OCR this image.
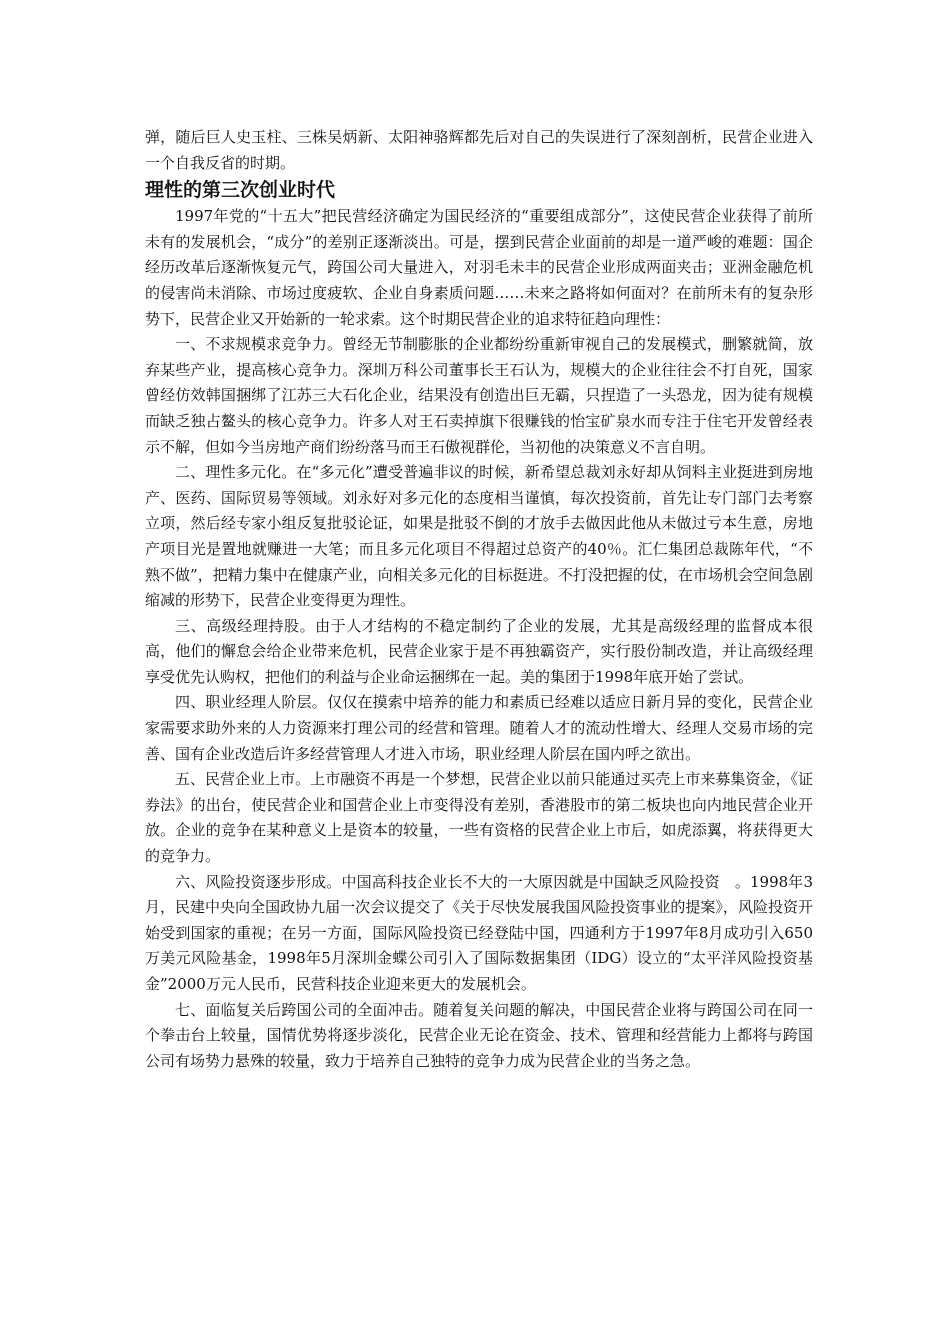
弹，随后巨人史玉柱、三株吴炳新、太阳神骆辉都先后对自己的失误进行了深刻剖析，民营企业进入一个自我反省的时期。

理性的第三次创业时代

1997年党的“十五大”把民营经济确定为国民经济的“重要组成部分”，这使民营企业获得了前所未有的发展机会，“成分”的差别正逐渐淡出。可是，摆到民营企业面前的却是一道严峻的难题：国企经历改革后逐渐恢复元气，跨国公司大量进入，对羽毛未丰的民营企业形成两面夹击；亚洲金融危机的侵害尚未消除、市场过度疲软、企业自身素质问题……未来之路将如何面对？在前所未有的复杂形势下，民营企业又开始新的一轮求索。这个时期民营企业的追求特征趋向理性：

一、不求规模求竞争力。曾经无节制膨胀的企业都纷纷重新审视自己的发展模式，删繁就简，放弃某些产业，提高核心竞争力。深圳万科公司董事长王石认为，规模大的企业往往会不打自死，国家曾经仿效韩国捆绑了江苏三大石化企业，结果没有创造出巨无霸，只捏造了一头恐龙，因为徒有规模而缺乏独占鳌头的核心竞争力。许多人对王石卖掉旗下很赚钱的怡宝矿泉水而专注于住宅开发曾经表示不解，但如今当房地产商们纷纷落马而王石傲视群伦，当初他的决策意义不言自明。

二、理性多元化。在“多元化”遭受普遍非议的时候，新希望总裁刘永好却从饲料主业挺进到房地产、医药、国际贸易等领域。刘永好对多元化的态度相当谨慎，每次投资前，首先让专门部门去考察立项，然后经专家小组反复批驳论证，如果是批驳不倒的才放手去做因此他从未做过亏本生意，房地产项目光是置地就赚进一大笔；而且多元化项目不得超过总资产的40％。汇仁集团总裁陈年代，“不熟不做”，把精力集中在健康产业，向相关多元化的目标挺进。不打没把握的仗，在市场机会空间急剧缩减的形势下，民营企业变得更为理性。

三、高级经理持股。由于人才结构的不稳定制约了企业的发展，尤其是高级经理的监督成本很高，他们的懈怠会给企业带来危机，民营企业家于是不再独霸资产，实行股份制改造，并让高级经理享受优先认购权，把他们的利益与企业命运捆绑在一起。美的集团于1998年底开始了尝试。

四、职业经理人阶层。仅仅在摸索中培养的能力和素质已经难以适应日新月异的变化，民营企业家需要求助外来的人力资源来打理公司的经营和管理。随着人才的流动性增大、经理人交易市场的完善、国有企业改造后许多经营管理人才进入市场，职业经理人阶层在国内呼之欲出。

五、民营企业上市。上市融资不再是一个梦想，民营企业以前只能通过买壳上市来募集资金，《证券法》的出台，使民营企业和国营企业上市变得没有差别，香港股市的第二板块也向内地民营企业开放。企业的竞争在某种意义上是资本的较量，一些有资格的民营企业上市后，如虎添翼，将获得更大的竞争力。

六、风险投资逐步形成。中国高科技企业长不大的一大原因就是中国缺乏风险投资　。1998年3月，民建中央向全国政协九届一次会议提交了《关于尽快发展我国风险投资事业的提案》，风险投资开始受到国家的重视；在另一方面，国际风险投资已经登陆中国，四通利方于1997年8月成功引入650万美元风险基金，1998年5月深圳金蝶公司引入了国际数据集团（IDG）设立的“太平洋风险投资基金”2000万元人民币，民营科技企业迎来更大的发展机会。

七、面临复关后跨国公司的全面冲击。随着复关问题的解决，中国民营企业将与跨国公司在同一个拳击台上较量，国情优势将逐步淡化，民营企业无论在资金、技术、管理和经营能力上都将与跨国公司有场势力悬殊的较量，致力于培养自己独特的竞争力成为民营企业的当务之急。
